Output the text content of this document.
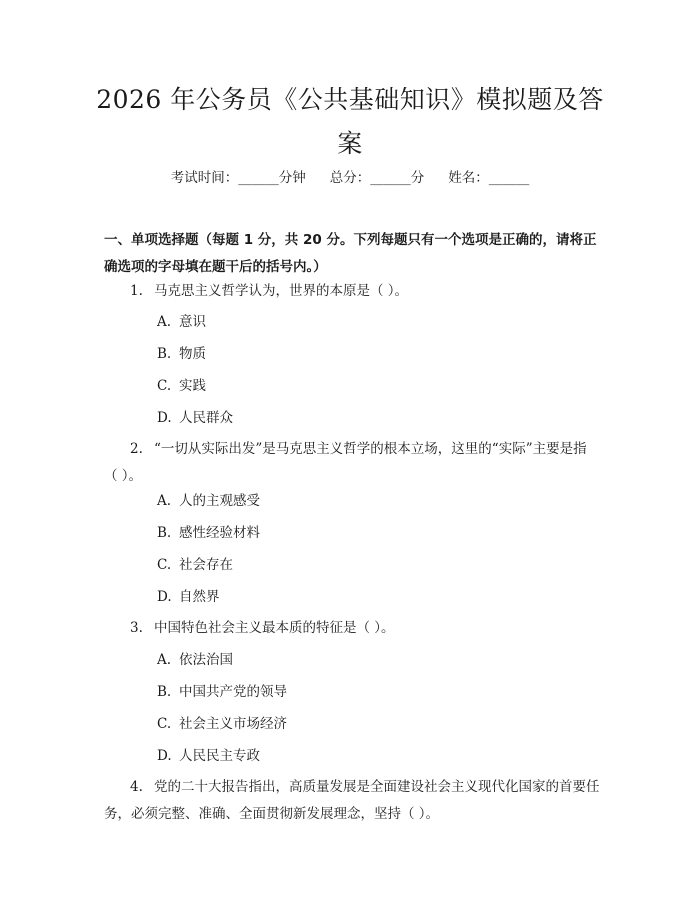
2026 年公务员《公共基础知识》模拟题及答案
考试时间：______分钟 总分：______分 姓名：______
一、单项选择题（每题 1 分，共 20 分。下列每题只有一个选项是正确的，请将正确选项的字母填在题干后的括号内。）
1. 马克思主义哲学认为，世界的本原是（ ）。
A. 意识
B. 物质
C. 实践
D. 人民群众
2. “一切从实际出发”是马克思主义哲学的根本立场，这里的“实际”主要是指（ ）。
A. 人的主观感受
B. 感性经验材料
C. 社会存在
D. 自然界
3. 中国特色社会主义最本质的特征是（ ）。
A. 依法治国
B. 中国共产党的领导
C. 社会主义市场经济
D. 人民民主专政
4. 党的二十大报告指出，高质量发展是全面建设社会主义现代化国家的首要任务，必须完整、准确、全面贯彻新发展理念，坚持（ ）。
